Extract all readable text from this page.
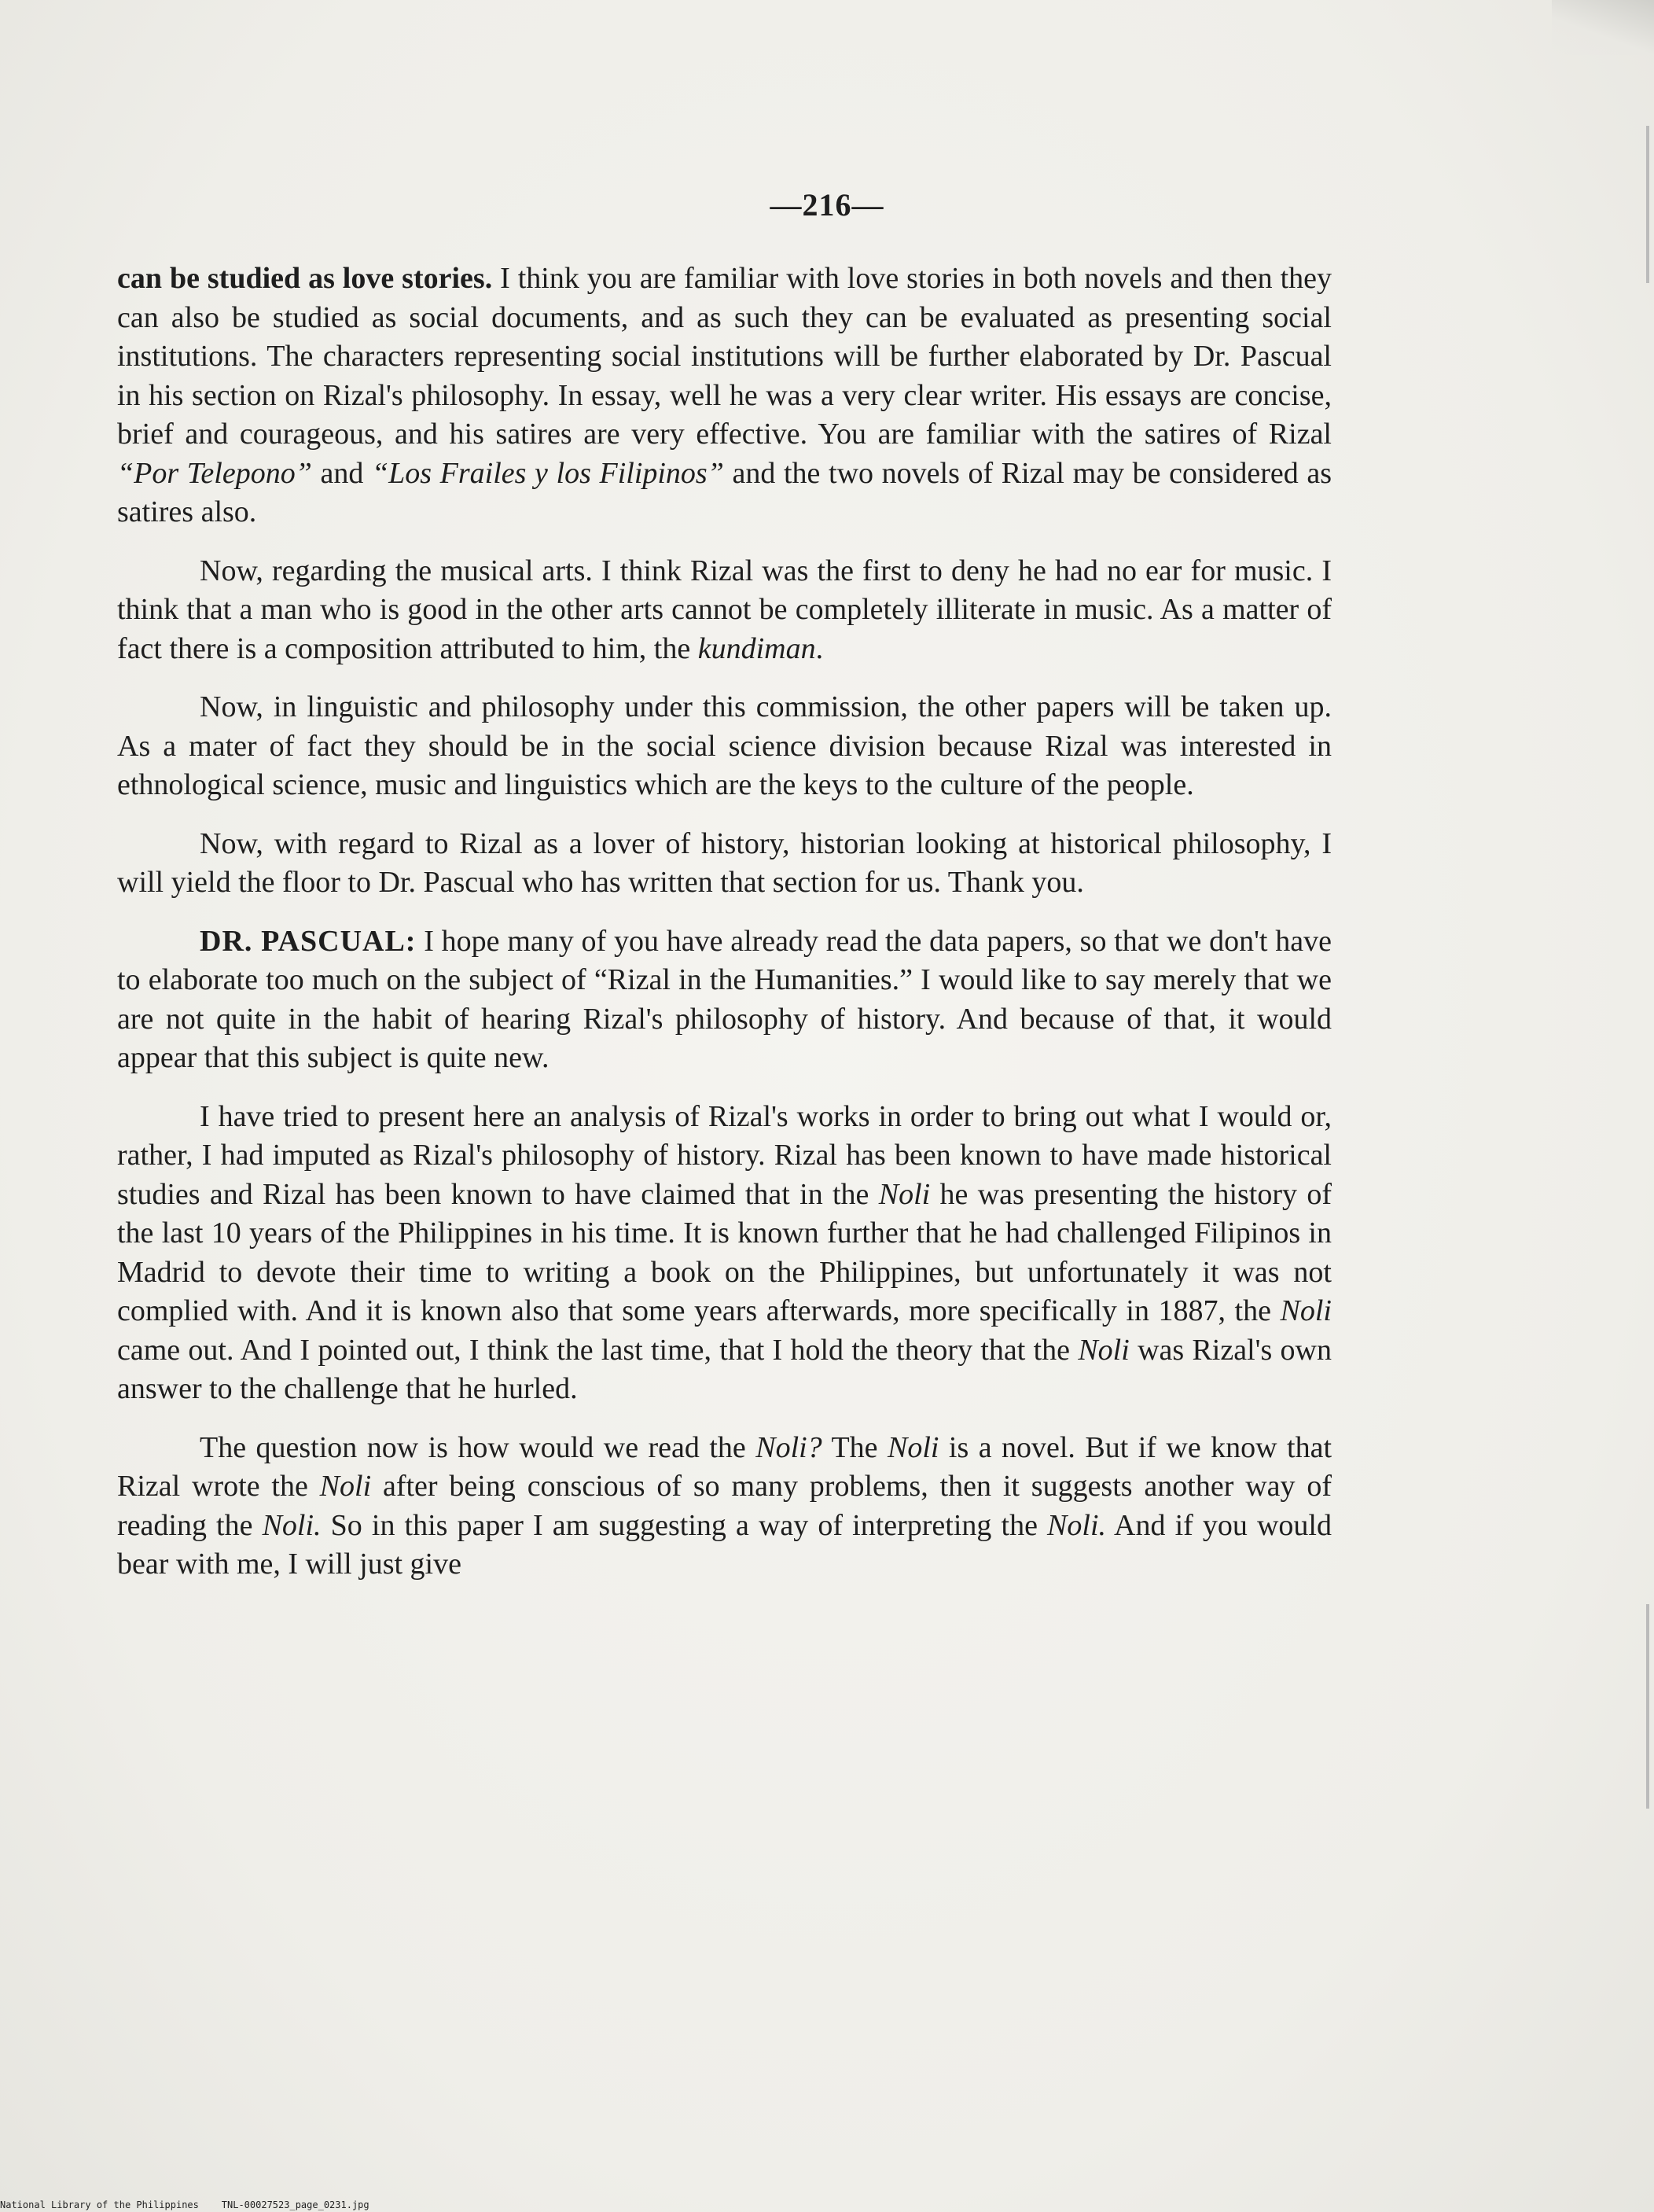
—216—

can be studied as love stories. I think you are familiar with love stories in both novels and then they can also be studied as social documents, and as such they can be evaluated as presenting social institutions. The characters representing social institutions will be further elaborated by Dr. Pascual in his section on Rizal's philosophy. In essay, well he was a very clear writer. His essays are concise, brief and courageous, and his satires are very effective. You are familiar with the satires of Rizal “Por Telepono” and “Los Frailes y los Filipinos” and the two novels of Rizal may be considered as satires also.

Now, regarding the musical arts. I think Rizal was the first to deny he had no ear for music. I think that a man who is good in the other arts cannot be completely illiterate in music. As a matter of fact there is a composition attributed to him, the kundiman.

Now, in linguistic and philosophy under this commission, the other papers will be taken up. As a mater of fact they should be in the social science division because Rizal was interested in ethnological science, music and linguistics which are the keys to the culture of the people.

Now, with regard to Rizal as a lover of history, historian looking at historical philosophy, I will yield the floor to Dr. Pascual who has written that section for us. Thank you.

DR. PASCUAL: I hope many of you have already read the data papers, so that we don't have to elaborate too much on the subject of “Rizal in the Humanities.” I would like to say merely that we are not quite in the habit of hearing Rizal's philosophy of history. And because of that, it would appear that this subject is quite new.

I have tried to present here an analysis of Rizal's works in order to bring out what I would or, rather, I had imputed as Rizal's philosophy of history. Rizal has been known to have made historical studies and Rizal has been known to have claimed that in the Noli he was presenting the history of the last 10 years of the Philippines in his time. It is known further that he had challenged Filipinos in Madrid to devote their time to writing a book on the Philippines, but unfortunately it was not complied with. And it is known also that some years afterwards, more specifically in 1887, the Noli came out. And I pointed out, I think the last time, that I hold the theory that the Noli was Rizal's own answer to the challenge that he hurled.

The question now is how would we read the Noli? The Noli is a novel. But if we know that Rizal wrote the Noli after being conscious of so many problems, then it suggests another way of reading the Noli. So in this paper I am suggesting a way of interpreting the Noli. And if you would bear with me, I will just give

National Library of the Philippines TNL-00027523_page_0231.jpg
